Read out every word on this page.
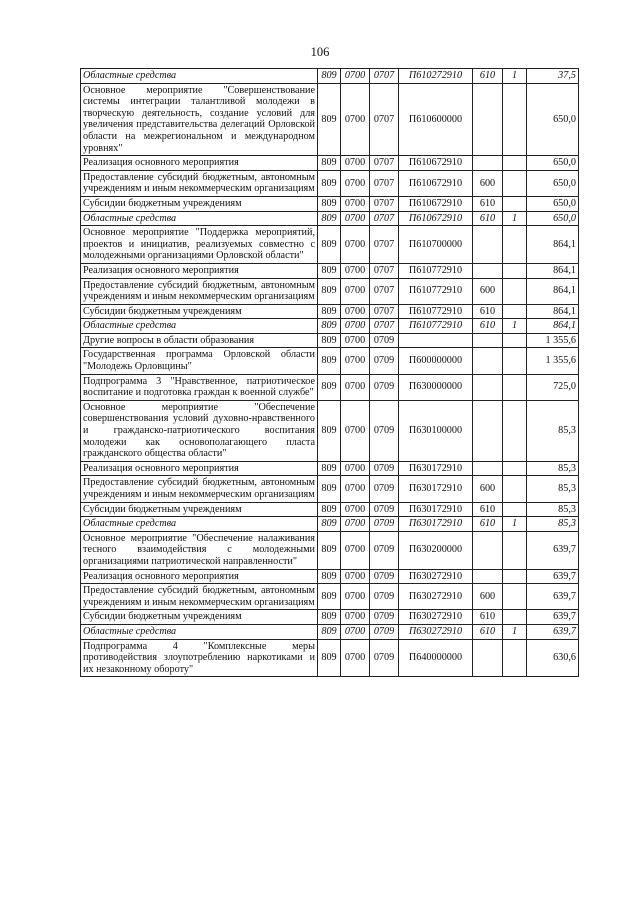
106
Областные средства	809	0700	0707	П610272910	610	1	37,5
Основное мероприятие "Совершенствование системы интеграции талантливой молодежи в творческую деятельность, создание условий для увеличения представительства делегаций Орловской области на межрегиональном и международном уровнях"	809	0700	0707	П610600000			650,0
Реализация основного мероприятия	809	0700	0707	П610672910			650,0
Предоставление субсидий бюджетным, автономным учреждениям и иным некоммерческим организациям	809	0700	0707	П610672910	600		650,0
Субсидии бюджетным учреждениям	809	0700	0707	П610672910	610		650,0
Областные средства	809	0700	0707	П610672910	610	1	650,0
Основное мероприятие "Поддержка мероприятий, проектов и инициатив, реализуемых совместно с молодежными организациями Орловской области"	809	0700	0707	П610700000			864,1
Реализация основного мероприятия	809	0700	0707	П610772910			864,1
Предоставление субсидий бюджетным, автономным учреждениям и иным некоммерческим организациям	809	0700	0707	П610772910	600		864,1
Субсидии бюджетным учреждениям	809	0700	0707	П610772910	610		864,1
Областные средства	809	0700	0707	П610772910	610	1	864,1
Другие вопросы в области образования	809	0700	0709				1 355,6
Государственная программа Орловской области "Молодежь Орловщины"	809	0700	0709	П600000000			1 355,6
Подпрограмма 3 "Нравственное, патриотическое воспитание и подготовка граждан к военной службе"	809	0700	0709	П630000000			725,0
Основное мероприятие "Обеспечение совершенствования условий духовно-нравственного и гражданско-патриотического воспитания молодежи как основополагающего пласта гражданского общества области"	809	0700	0709	П630100000			85,3
Реализация основного мероприятия	809	0700	0709	П630172910			85,3
Предоставление субсидий бюджетным, автономным учреждениям и иным некоммерческим организациям	809	0700	0709	П630172910	600		85,3
Субсидии бюджетным учреждениям	809	0700	0709	П630172910	610		85,3
Областные средства	809	0700	0709	П630172910	610	1	85,3
Основное мероприятие "Обеспечение налаживания тесного взаимодействия с молодежными организациями патриотической направленности"	809	0700	0709	П630200000			639,7
Реализация основного мероприятия	809	0700	0709	П630272910			639,7
Предоставление субсидий бюджетным, автономным учреждениям и иным некоммерческим организациям	809	0700	0709	П630272910	600		639,7
Субсидии бюджетным учреждениям	809	0700	0709	П630272910	610		639,7
Областные средства	809	0700	0709	П630272910	610	1	639,7
Подпрограмма 4 "Комплексные меры противодействия злоупотреблению наркотиками и их незаконному обороту"	809	0700	0709	П640000000			630,6
